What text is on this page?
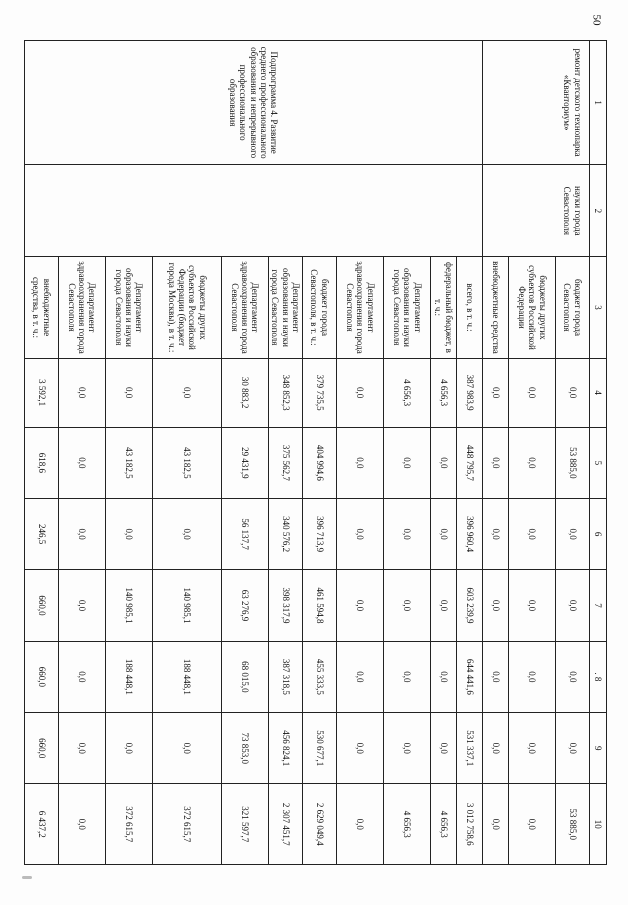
50
1	2	3	4	5	6	7	. 8	9	10
ремонт детского технопарка «Кванториум»	науки города Севастополя	бюджет города Севастополя	0,0	53 885,0	0,0	0,0	0,0	0,0	53 885,0
		бюджеты других субъектов Российской Федерации	0,0	0,0	0,0	0,0	0,0	0,0	0,0
		внебюджетные средства	0,0	0,0	0,0	0,0	0,0	0,0	0,0
Подпрограмма 4. Развитие среднего профессионального образования и непрерывного профессионального образования		всего, в т. ч.:	387 983,9	448 795,7	396 960,4	603 239,9	644 441,6	531 337,1	3 012 758,6
		федеральный бюджет, в т. ч.:	4 656,3	0,0	0,0	0,0	0,0	0,0	4 656,3
		Департамент образования и науки города Севастополя	4 656,3	0,0	0,0	0,0	0,0	0,0	4 656,3
		Департамент здравоохранения города Севастополя	0,0	0,0	0,0	0,0	0,0	0,0	0,0
		бюджет города Севастополя, в т. ч.:	379 735,5	404 994,6	396 713,9	461 594,8	455 333,5	530 677,1	2 629 049,4
		Департамент образования и науки города Севастополя	348 852,3	375 562,7	340 576,2	398 317,9	387 318,5	456 824,1	2 307 451,7
		Департамент здравоохранения города Севастополя	30 883,2	29 431,9	56 137,7	63 276,9	68 015,0	73 853,0	321 597,7
		бюджеты других субъектов Российской Федерации (бюджет города Москвы), в т. ч.:	0,0	43 182,5	0,0	140 985,1	188 448,1	0,0	372 615,7
		Департамент образования и науки города Севастополя	0,0	43 182,5	0,0	140 985,1	188 448,1	0,0	372 615,7
		Департамент здравоохранения города Севастополя	0,0	0,0	0,0	0,0	0,0	0,0	0,0
		внебюджетные средства, в т. ч.:	3 592,1	618,6	246,5	660,0	660,0	660,0	6 437,2
